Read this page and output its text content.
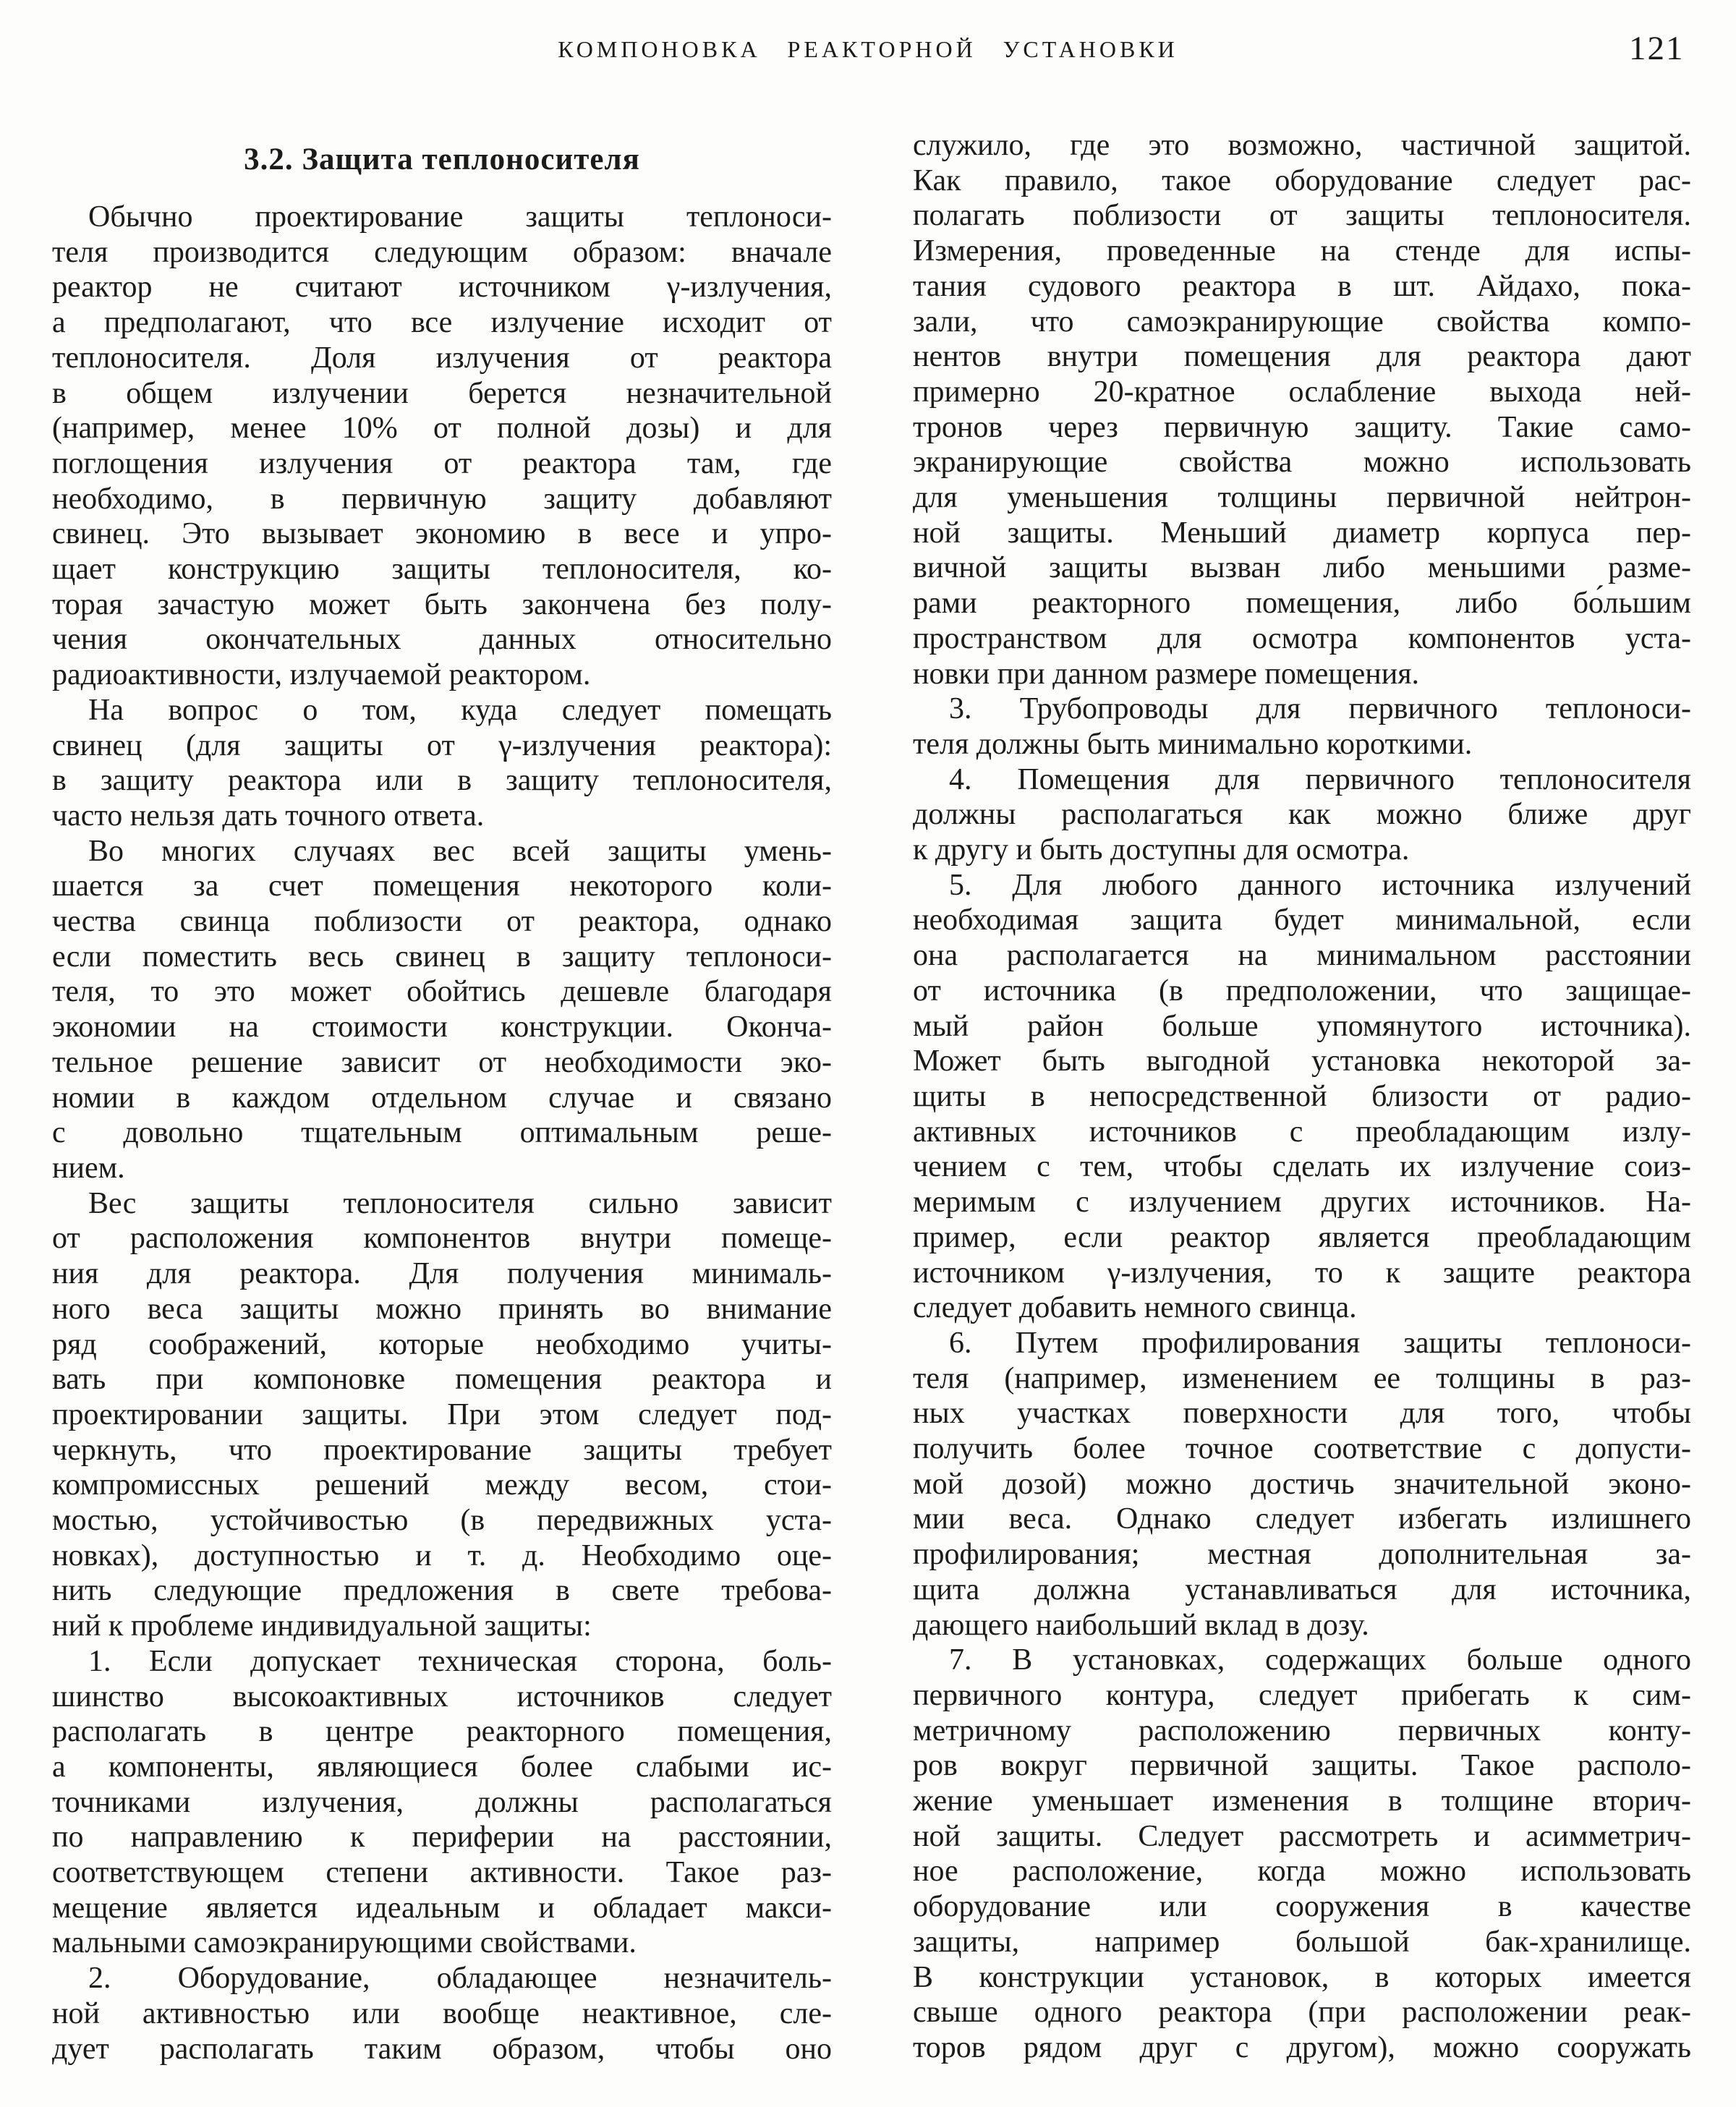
КОМПОНОВКА РЕАКТОРНОЙ УСТАНОВКИ	121
3.2. Защита теплоносителя
Обычно проектирование защиты теплоноси-
теля производится следующим образом: вначале
реактор не считают источником γ-излучения,
а предполагают, что все излучение исходит от
теплоносителя. Доля излучения от реактора
в общем излучении берется незначительной
(например, менее 10% от полной дозы) и для
поглощения излучения от реактора там, где
необходимо, в первичную защиту добавляют
свинец. Это вызывает экономию в весе и упро-
щает конструкцию защиты теплоносителя, ко-
торая зачастую может быть закончена без полу-
чения окончательных данных относительно
радиоактивности, излучаемой реактором.
На вопрос о том, куда следует помещать
свинец (для защиты от γ-излучения реактора):
в защиту реактора или в защиту теплоносителя,
часто нельзя дать точного ответа.
Во многих случаях вес всей защиты умень-
шается за счет помещения некоторого коли-
чества свинца поблизости от реактора, однако
если поместить весь свинец в защиту теплоноси-
теля, то это может обойтись дешевле благодаря
экономии на стоимости конструкции. Оконча-
тельное решение зависит от необходимости эко-
номии в каждом отдельном случае и связано
с довольно тщательным оптимальным реше-
нием.
Вес защиты теплоносителя сильно зависит
от расположения компонентов внутри помеще-
ния для реактора. Для получения минималь-
ного веса защиты можно принять во внимание
ряд соображений, которые необходимо учиты-
вать при компоновке помещения реактора и
проектировании защиты. При этом следует под-
черкнуть, что проектирование защиты требует
компромиссных решений между весом, стои-
мостью, устойчивостью (в передвижных уста-
новках), доступностью и т. д. Необходимо оце-
нить следующие предложения в свете требова-
ний к проблеме индивидуальной защиты:
1. Если допускает техническая сторона, боль-
шинство высокоактивных источников следует
располагать в центре реакторного помещения,
а компоненты, являющиеся более слабыми ис-
точниками излучения, должны располагаться
по направлению к периферии на расстоянии,
соответствующем степени активности. Такое раз-
мещение является идеальным и обладает макси-
мальными самоэкранирующими свойствами.
2. Оборудование, обладающее незначитель-
ной активностью или вообще неактивное, сле-
дует располагать таким образом, чтобы оно
служило, где это возможно, частичной защитой.
Как правило, такое оборудование следует рас-
полагать поблизости от защиты теплоносителя.
Измерения, проведенные на стенде для испы-
тания судового реактора в шт. Айдахо, пока-
зали, что самоэкранирующие свойства компо-
нентов внутри помещения для реактора дают
примерно 20-кратное ослабление выхода ней-
тронов через первичную защиту. Такие само-
экранирующие свойства можно использовать
для уменьшения толщины первичной нейтрон-
ной защиты. Меньший диаметр корпуса пер-
вичной защиты вызван либо меньшими разме-
рами реакторного помещения, либо бо́льшим
пространством для осмотра компонентов уста-
новки при данном размере помещения.
3. Трубопроводы для первичного теплоноси-
теля должны быть минимально короткими.
4. Помещения для первичного теплоносителя
должны располагаться как можно ближе друг
к другу и быть доступны для осмотра.
5. Для любого данного источника излучений
необходимая защита будет минимальной, если
она располагается на минимальном расстоянии
от источника (в предположении, что защищае-
мый район больше упомянутого источника).
Может быть выгодной установка некоторой за-
щиты в непосредственной близости от радио-
активных источников с преобладающим излу-
чением с тем, чтобы сделать их излучение соиз-
меримым с излучением других источников. На-
пример, если реактор является преобладающим
источником γ-излучения, то к защите реактора
следует добавить немного свинца.
6. Путем профилирования защиты теплоноси-
теля (например, изменением ее толщины в раз-
ных участках поверхности для того, чтобы
получить более точное соответствие с допусти-
мой дозой) можно достичь значительной эконо-
мии веса. Однако следует избегать излишнего
профилирования; местная дополнительная за-
щита должна устанавливаться для источника,
дающего наибольший вклад в дозу.
7. В установках, содержащих больше одного
первичного контура, следует прибегать к сим-
метричному расположению первичных конту-
ров вокруг первичной защиты. Такое располо-
жение уменьшает изменения в толщине вторич-
ной защиты. Следует рассмотреть и асимметрич-
ное расположение, когда можно использовать
оборудование или сооружения в качестве
защиты, например большой бак-хранилище.
В конструкции установок, в которых имеется
свыше одного реактора (при расположении реак-
торов рядом друг с другом), можно сооружать
